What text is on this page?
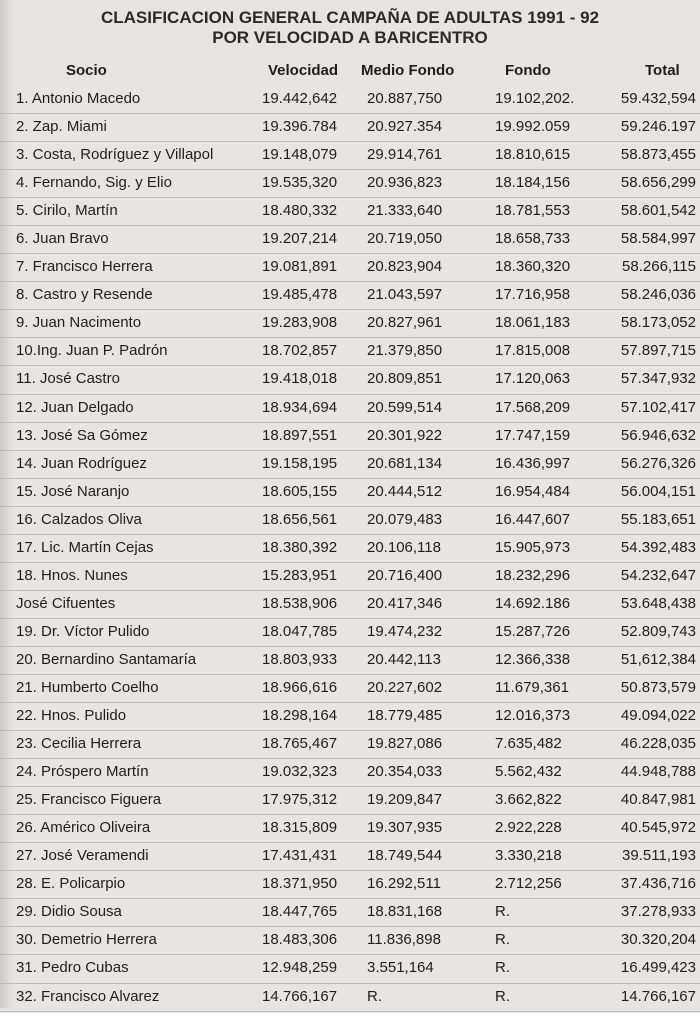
CLASIFICACION GENERAL CAMPAÑA DE ADULTAS 1991 - 92
POR VELOCIDAD A BARICENTRO
Socio	Velocidad Medio Fondo	Fondo	Total
1. Antonio Macedo	19.442,642 20.887,750	19.102,202.	59.432,594
2. Zap. Miami	19.396.784 20.927.354	19.992.059	59.246.197
3. Costa, Rodríguez y Villapol	19.148,079 29.914,761	18.810,615	58.873,455
4. Fernando, Sig. y Elio	19.535,320 20.936,823	18.184,156	58.656,299
5. Cirilo, Martín	18.480,332 21.333,640	18.781,553	58.601,542
6. Juan Bravo	19.207,214 20.719,050	18.658,733	58.584,997
7. Francisco Herrera	19.081,891 20.823,904	18.360,320	58.266,115
8. Castro y Resende	19.485,478 21.043,597	17.716,958	58.246,036
9. Juan Nacimento	19.283,908 20.827,961	18.061,183	58.173,052
10.Ing. Juan P. Padrón	18.702,857 21.379,850	17.815,008	57.897,715
11. José Castro	19.418,018 20.809,851	17.120,063	57.347,932
12. Juan Delgado	18.934,694 20.599,514	17.568,209	57.102,417
13. José Sa Gómez	18.897,551 20.301,922	17.747,159	56.946,632
14. Juan Rodríguez	19.158,195 20.681,134	16.436,997	56.276,326
15. José Naranjo	18.605,155 20.444,512	16.954,484	56.004,151
16. Calzados Oliva	18.656,561 20.079,483	16.447,607	55.183,651
17. Lic. Martín Cejas	18.380,392 20.106,118	15.905,973	54.392,483
18. Hnos. Nunes	15.283,951 20.716,400	18.232,296	54.232,647
José Cifuentes	18.538,906 20.417,346	14.692.186	53.648,438
19. Dr. Víctor Pulido	18.047,785 19.474,232	15.287,726	52.809,743
20. Bernardino Santamaría	18.803,933 20.442,113	12.366,338	51,612,384
21. Humberto Coelho	18.966,616 20.227,602	11.679,361	50.873,579
22. Hnos. Pulido	18.298,164 18.779,485	12.016,373	49.094,022
23. Cecilia Herrera	18.765,467 19.827,086	7.635,482	46.228,035
24. Próspero Martín	19.032,323 20.354,033	5.562,432	44.948,788
25. Francisco Figuera	17.975,312 19.209,847	3.662,822	40.847,981
26. Américo Oliveira	18.315,809 19.307,935	2.922,228	40.545,972
27. José Veramendi	17.431,431 18.749,544	3.330,218	39.511,193
28. E. Policarpio	18.371,950 16.292,511	2.712,256	37.436,716
29. Didio Sousa	18.447,765 18.831,168	R.	37.278,933
30. Demetrio Herrera	18.483,306 11.836,898	R.	30.320,204
31. Pedro Cubas	12.948,259 3.551,164	R.	16.499,423
32. Francisco Alvarez	14.766,167 R.	R.	14.766,167
